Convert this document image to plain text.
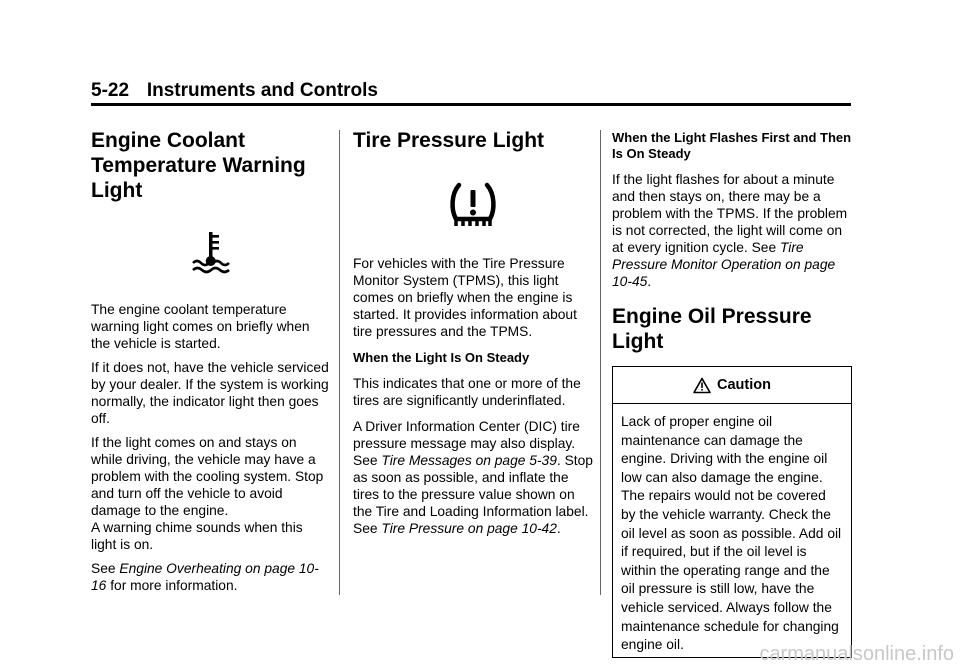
5-22 Instruments and Controls
Engine Coolant
Temperature Warning
Light

The engine coolant temperature warning light comes on briefly when the vehicle is started.

If it does not, have the vehicle serviced by your dealer. If the system is working normally, the indicator light then goes off.

If the light comes on and stays on while driving, the vehicle may have a problem with the cooling system. Stop and turn off the vehicle to avoid damage to the engine.

A warning chime sounds when this light is on.

See Engine Overheating on page 10-16 for more information.

Tire Pressure Light

For vehicles with the Tire Pressure Monitor System (TPMS), this light comes on briefly when the engine is started. It provides information about tire pressures and the TPMS.

When the Light Is On Steady

This indicates that one or more of the tires are significantly underinflated.

A Driver Information Center (DIC) tire pressure message may also display. See Tire Messages on page 5-39. Stop as soon as possible, and inflate the tires to the pressure value shown on the Tire and Loading Information label. See Tire Pressure on page 10-42.

When the Light Flashes First and Then Is On Steady

If the light flashes for about a minute and then stays on, there may be a problem with the TPMS. If the problem is not corrected, the light will come on at every ignition cycle. See Tire Pressure Monitor Operation on page 10-45.

Engine Oil Pressure Light
Caution
Lack of proper engine oil maintenance can damage the engine. Driving with the engine oil low can also damage the engine. The repairs would not be covered by the vehicle warranty. Check the oil level as soon as possible. Add oil if required, but if the oil level is within the operating range and the oil pressure is still low, have the vehicle serviced. Always follow the maintenance schedule for changing engine oil.	carmanualsonline.info
